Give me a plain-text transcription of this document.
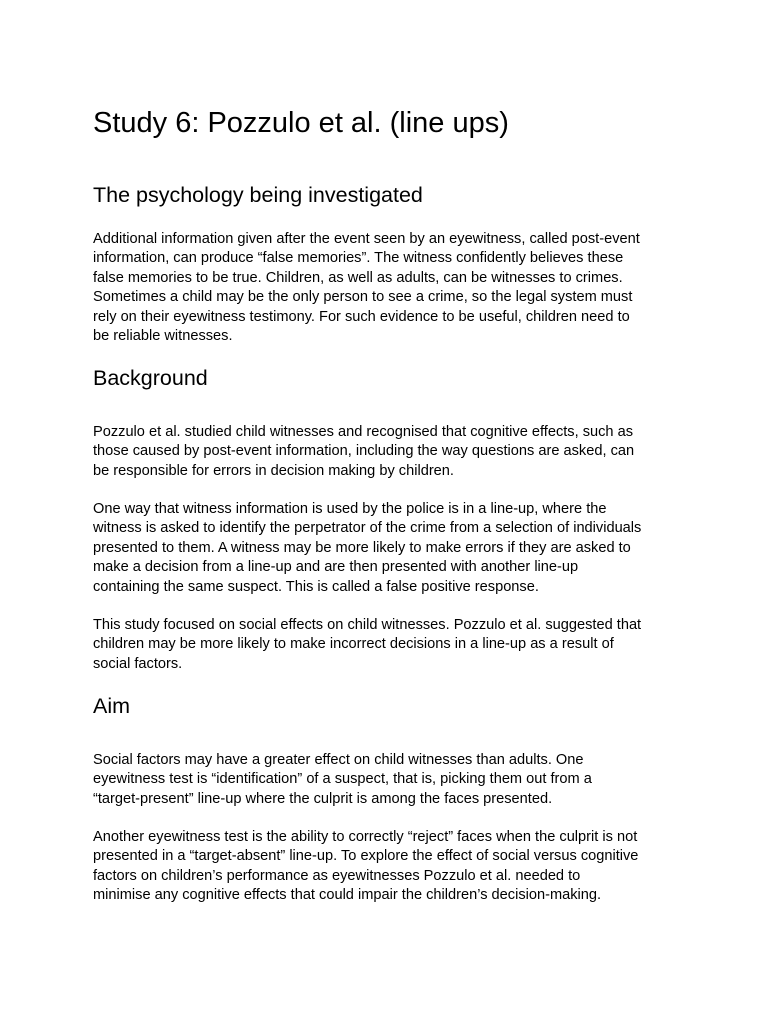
Study 6: Pozzulo et al. (line ups)
The psychology being investigated

Additional information given after the event seen by an eyewitness, called post-event
information, can produce “false memories”. The witness confidently believes these
false memories to be true. Children, as well as adults, can be witnesses to crimes.
Sometimes a child may be the only person to see a crime, so the legal system must
rely on their eyewitness testimony. For such evidence to be useful, children need to
be reliable witnesses.

Background

Pozzulo et al. studied child witnesses and recognised that cognitive effects, such as
those caused by post-event information, including the way questions are asked, can
be responsible for errors in decision making by children.

One way that witness information is used by the police is in a line-up, where the
witness is asked to identify the perpetrator of the crime from a selection of individuals
presented to them. A witness may be more likely to make errors if they are asked to
make a decision from a line-up and are then presented with another line-up
containing the same suspect. This is called a false positive response.

This study focused on social effects on child witnesses. Pozzulo et al. suggested that
children may be more likely to make incorrect decisions in a line-up as a result of
social factors.

Aim

Social factors may have a greater effect on child witnesses than adults. One
eyewitness test is “identification” of a suspect, that is, picking them out from a
“target-present” line-up where the culprit is among the faces presented.

Another eyewitness test is the ability to correctly “reject” faces when the culprit is not
presented in a “target-absent” line-up. To explore the effect of social versus cognitive
factors on children’s performance as eyewitnesses Pozzulo et al. needed to
minimise any cognitive effects that could impair the children’s decision-making.
